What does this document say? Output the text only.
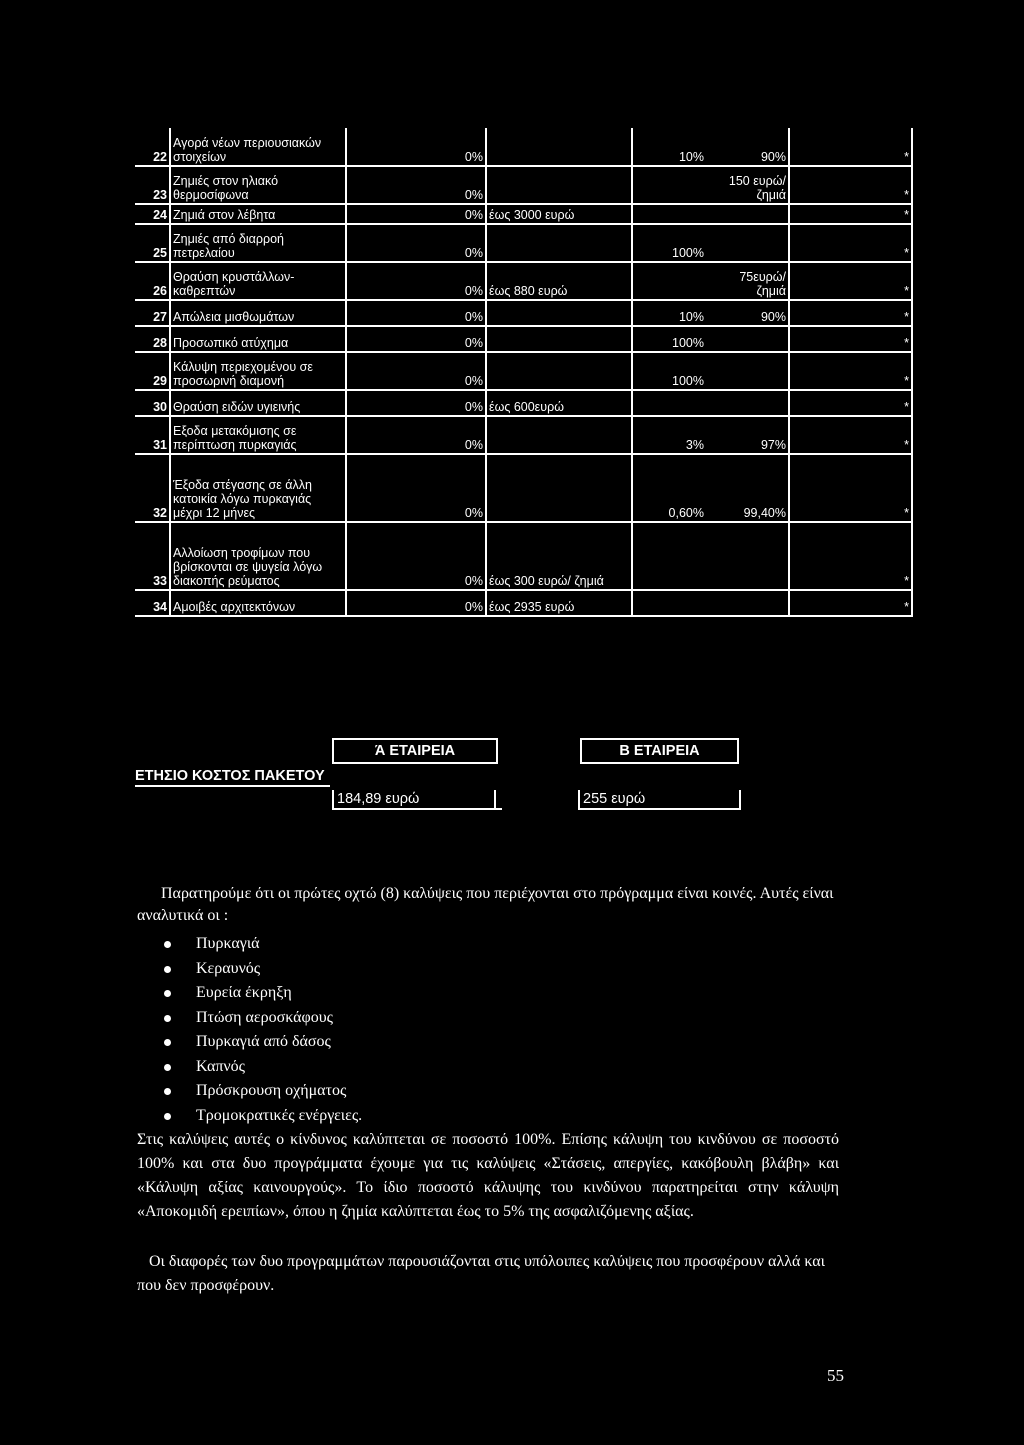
22	Αγορά νέων περιουσιακών στοιχείων	0%		10%	90%	*
23	Ζημιές στον ηλιακό θερμοσίφωνα	0%			150 ευρώ/ ζημιά	*
24	Ζημιά στον λέβητα	0%	έως 3000 ευρώ			*
25	Ζημιές από διαρροή πετρελαίου	0%		100%		*
26	Θραύση κρυστάλλων- καθρεπτών	0%	έως 880 ευρώ		75ευρώ/ ζημιά	*
27	Απώλεια μισθωμάτων	0%		10%	90%	*
28	Προσωπικό ατύχημα	0%		100%		*
29	Κάλυψη περιεχομένου σε προσωρινή διαμονή	0%		100%		*
30	Θραύση ειδών υγιεινής	0%	έως 600ευρώ			*
31	Εξοδα μετακόμισης σε περίπτωση πυρκαγιάς	0%		3%	97%	*
32	Έξοδα στέγασης σε άλλη κατοικία λόγω πυρκαγιάς μέχρι 12 μήνες	0%		0,60%	99,40%	*
33	Αλλοίωση τροφίμων που βρίσκονται σε ψυγεία λόγω διακοπής ρεύματος	0%	έως 300 ευρώ/ ζημιά			*
34	Αμοιβές αρχιτεκτόνων	0%	έως 2935 ευρώ			*
ΕΤΗΣΙΟ ΚΟΣΤΟΣ ΠΑΚΕΤΟΥ
Ά ΕΤΑΙΡΕΙΑ	Β ΕΤΑΙΡΕΙΑ
184,89 ευρώ	255 ευρώ
Παρατηρούμε ότι οι πρώτες οχτώ (8) καλύψεις που περιέχονται στο πρόγραμμα είναι κοινές. Αυτές είναι αναλυτικά οι :
Πυρκαγιά
Κεραυνός
Ευρεία έκρηξη
Πτώση αεροσκάφους
Πυρκαγιά από δάσος
Καπνός
Πρόσκρουση οχήματος
Τρομοκρατικές ενέργειες.
Στις καλύψεις αυτές ο κίνδυνος καλύπτεται σε ποσοστό 100%. Επίσης κάλυψη του κινδύνου σε ποσοστό 100% και στα δυο προγράμματα έχουμε για τις καλύψεις «Στάσεις, απεργίες, κακόβουλη βλάβη» και «Κάλυψη αξίας καινουργούς». Το ίδιο ποσοστό κάλυψης του κινδύνου παρατηρείται στην κάλυψη «Αποκομιδή ερειπίων», όπου η ζημία καλύπτεται έως το 5% της ασφαλιζόμενης αξίας.
Οι διαφορές των δυο προγραμμάτων παρουσιάζονται στις υπόλοιπες καλύψεις που προσφέρουν αλλά και που δεν προσφέρουν.
55
